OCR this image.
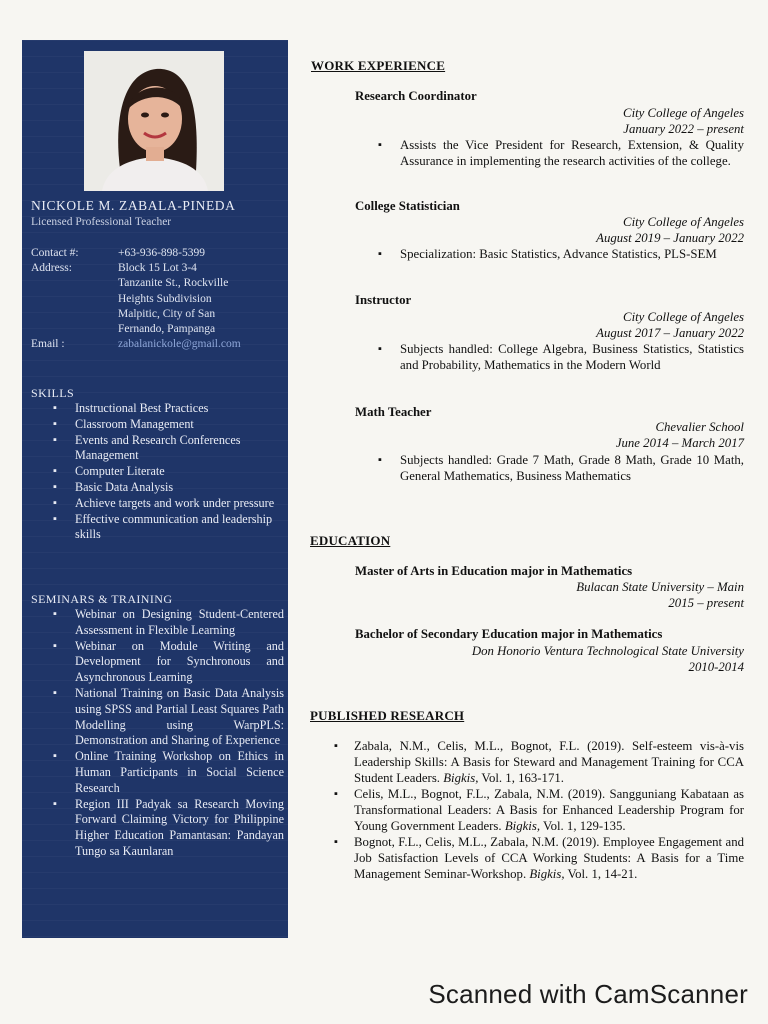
NICKOLE M. ZABALA-PINEDA
Licensed Professional Teacher
Contact #:	+63-936-898-5399
Address:	Block 15 Lot 3-4
Tanzanite St., Rockville
Heights Subdivision
Malpitic, City of San
Fernando, Pampanga
Email :	zabalanickole@gmail.com
SKILLS
▪ Instructional Best Practices
▪ Classroom Management
▪ Events and Research Conferences Management
▪ Computer Literate
▪ Basic Data Analysis
▪ Achieve targets and work under pressure
▪ Effective communication and leadership skills
SEMINARS & TRAINING
▪ Webinar on Designing Student-Centered Assessment in Flexible Learning
▪ Webinar on Module Writing and Development for Synchronous and Asynchronous Learning
▪ National Training on Basic Data Analysis using SPSS and Partial Least Squares Path Modelling using WarpPLS: Demonstration and Sharing of Experience
▪ Online Training Workshop on Ethics in Human Participants in Social Science Research
▪ Region III Padyak sa Research Moving Forward Claiming Victory for Philippine Higher Education Pamantasan: Pandayan Tungo sa Kaunlaran
WORK EXPERIENCE
Research Coordinator
City College of Angeles
January 2022 – present
▪ Assists the Vice President for Research, Extension, & Quality Assurance in implementing the research activities of the college.
College Statistician
City College of Angeles
August 2019 – January 2022
▪ Specialization: Basic Statistics, Advance Statistics, PLS-SEM
Instructor
City College of Angeles
August 2017 – January 2022
▪ Subjects handled: College Algebra, Business Statistics, Statistics and Probability, Mathematics in the Modern World
Math Teacher
Chevalier School
June 2014 – March 2017
▪ Subjects handled: Grade 7 Math, Grade 8 Math, Grade 10 Math, General Mathematics, Business Mathematics
EDUCATION
Master of Arts in Education major in Mathematics
Bulacan State University – Main
2015 – present
Bachelor of Secondary Education major in Mathematics
Don Honorio Ventura Technological State University
2010-2014
PUBLISHED RESEARCH
▪ Zabala, N.M., Celis, M.L., Bognot, F.L. (2019). Self-esteem vis-à-vis Leadership Skills: A Basis for Steward and Management Training for CCA Student Leaders. Bigkis, Vol. 1, 163-171.
▪ Celis, M.L., Bognot, F.L., Zabala, N.M. (2019). Sangguniang Kabataan as Transformational Leaders: A Basis for Enhanced Leadership Program for Young Government Leaders. Bigkis, Vol. 1, 129-135.
▪ Bognot, F.L., Celis, M.L., Zabala, N.M. (2019). Employee Engagement and Job Satisfaction Levels of CCA Working Students: A Basis for a Time Management Seminar-Workshop. Bigkis, Vol. 1, 14-21.
Scanned with CamScanner
